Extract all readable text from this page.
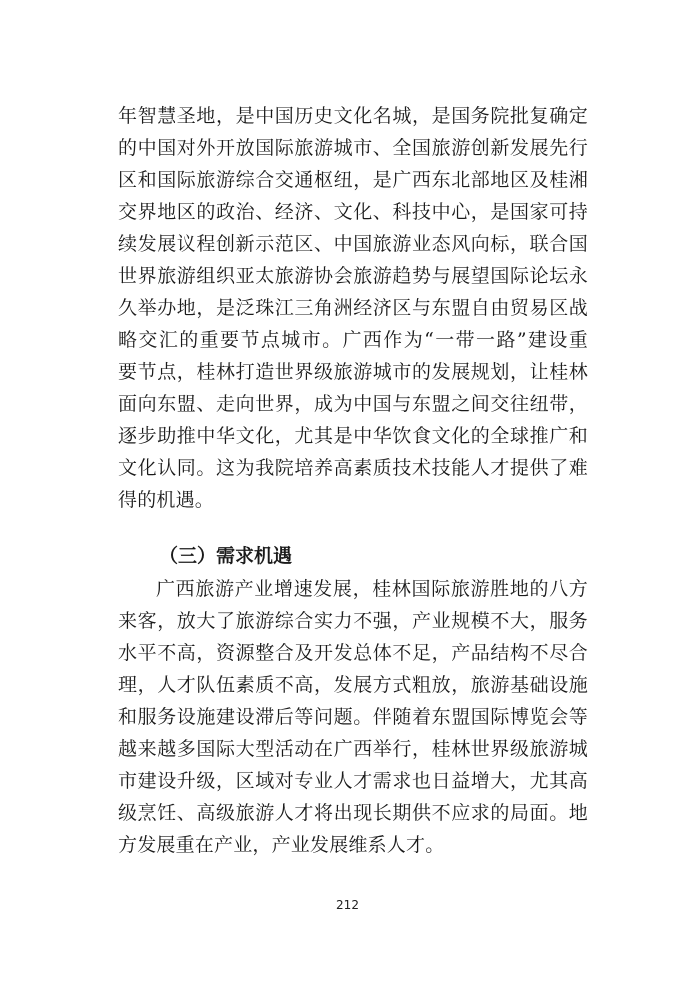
年智慧圣地，是中国历史文化名城，是国务院批复确定
的中国对外开放国际旅游城市、全国旅游创新发展先行
区和国际旅游综合交通枢纽，是广西东北部地区及桂湘
交界地区的政治、经济、文化、科技中心，是国家可持
续发展议程创新示范区、中国旅游业态风向标，联合国
世界旅游组织亚太旅游协会旅游趋势与展望国际论坛永
久举办地，是泛珠江三角洲经济区与东盟自由贸易区战
略交汇的重要节点城市。广西作为“一带一路”建设重
要节点，桂林打造世界级旅游城市的发展规划，让桂林
面向东盟、走向世界，成为中国与东盟之间交往纽带，
逐步助推中华文化，尤其是中华饮食文化的全球推广和
文化认同。这为我院培养高素质技术技能人才提供了难
得的机遇。
（三）需求机遇
广西旅游产业增速发展，桂林国际旅游胜地的八方
来客，放大了旅游综合实力不强，产业规模不大，服务
水平不高，资源整合及开发总体不足，产品结构不尽合
理，人才队伍素质不高，发展方式粗放，旅游基础设施
和服务设施建设滞后等问题。伴随着东盟国际博览会等
越来越多国际大型活动在广西举行，桂林世界级旅游城
市建设升级，区域对专业人才需求也日益增大，尤其高
级烹饪、高级旅游人才将出现长期供不应求的局面。地
方发展重在产业，产业发展维系人才。
212
